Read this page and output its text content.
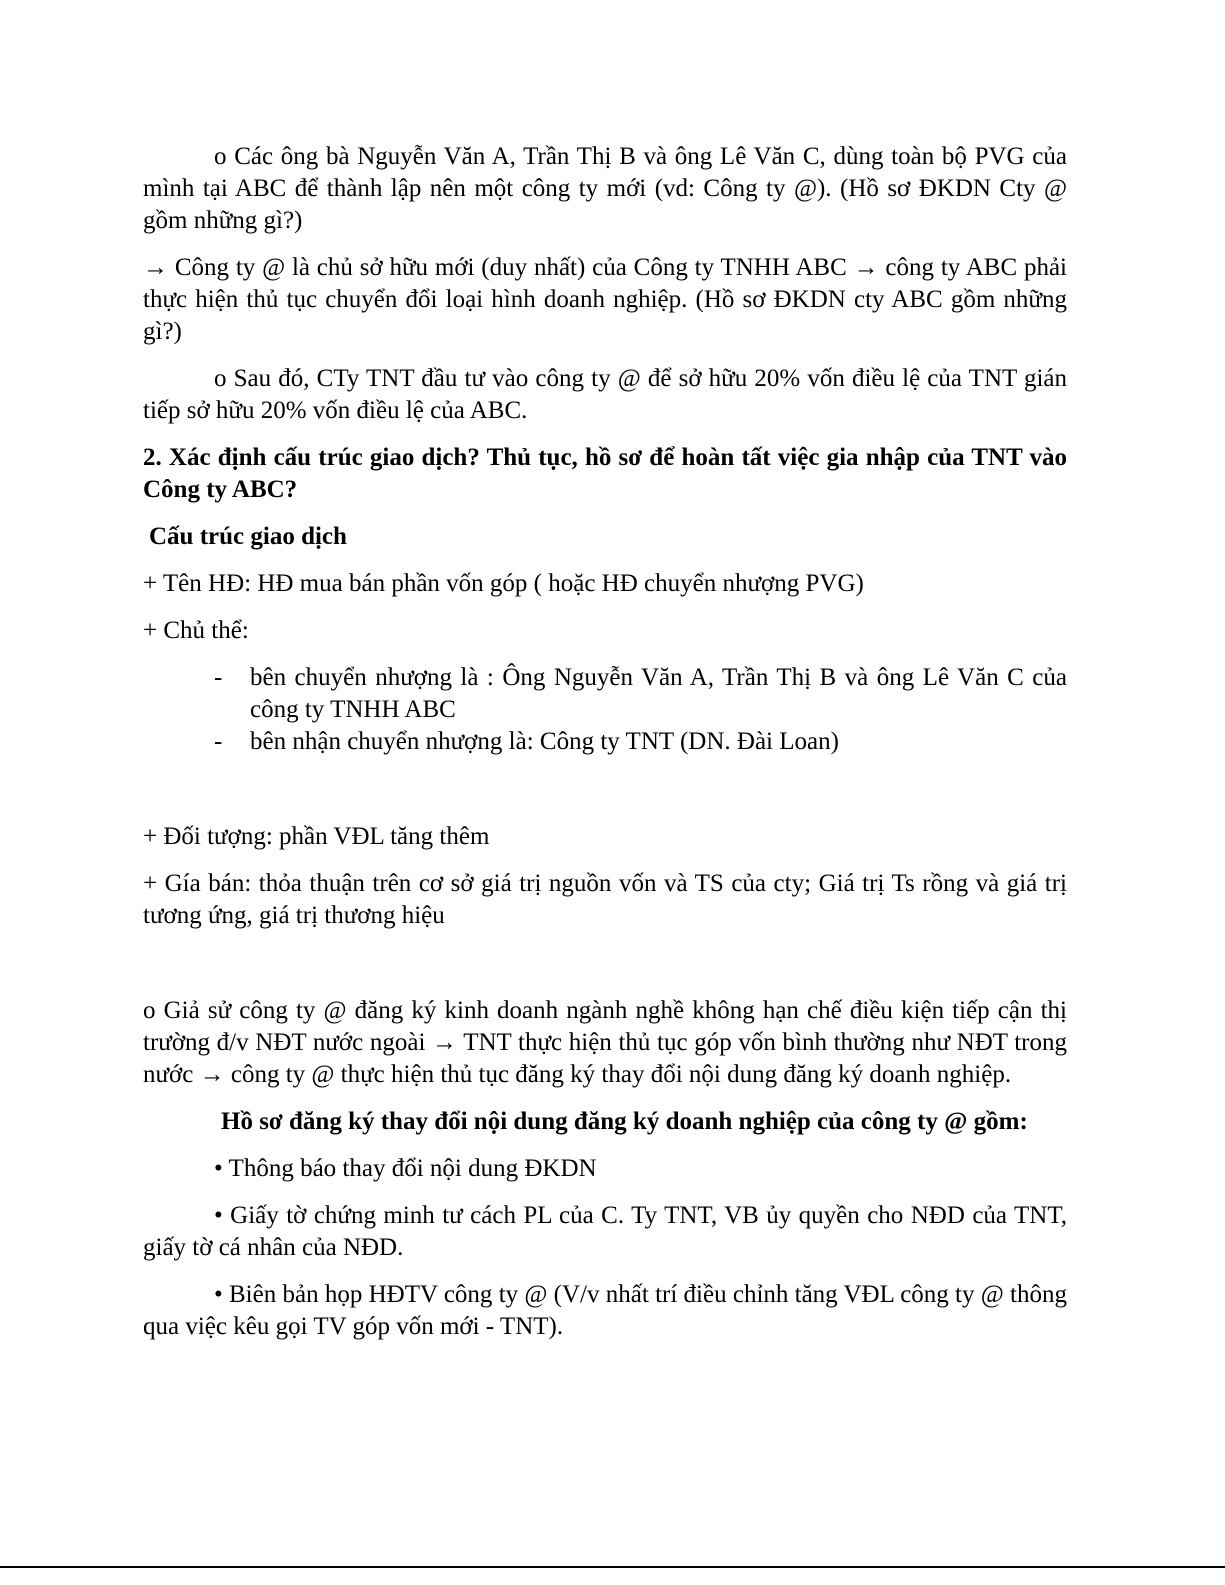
o Các ông bà Nguyễn Văn A, Trần Thị B và ông Lê Văn C, dùng toàn bộ PVG của mình tại ABC để thành lập nên một công ty mới (vd: Công ty @). (Hồ sơ ĐKDN Cty @ gồm những gì?)

→ Công ty @ là chủ sở hữu mới (duy nhất) của Công ty TNHH ABC → công ty ABC phải thực hiện thủ tục chuyển đổi loại hình doanh nghiệp. (Hồ sơ ĐKDN cty ABC gồm những gì?)

o Sau đó, CTy TNT đầu tư vào công ty @ để sở hữu 20% vốn điều lệ của TNT gián tiếp sở hữu 20% vốn điều lệ của ABC.

2. Xác định cấu trúc giao dịch? Thủ tục, hồ sơ để hoàn tất việc gia nhập của TNT vào Công ty ABC?

Cấu trúc giao dịch

+ Tên HĐ: HĐ mua bán phần vốn góp ( hoặc HĐ chuyển nhượng PVG)

+ Chủ thể:

- bên chuyển nhượng là : Ông Nguyễn Văn A, Trần Thị B và ông Lê Văn C của công ty TNHH ABC
- bên nhận chuyển nhượng là: Công ty TNT (DN. Đài Loan)

+ Đối tượng: phần VĐL tăng thêm

+ Gía bán: thỏa thuận trên cơ sở giá trị nguồn vốn và TS của cty; Giá trị Ts rồng và giá trị tương ứng, giá trị thương hiệu

o Giả sử công ty @ đăng ký kinh doanh ngành nghề không hạn chế điều kiện tiếp cận thị trường đ/v NĐT nước ngoài → TNT thực hiện thủ tục góp vốn bình thường như NĐT trong nước → công ty @ thực hiện thủ tục đăng ký thay đổi nội dung đăng ký doanh nghiệp.

Hồ sơ đăng ký thay đổi nội dung đăng ký doanh nghiệp của công ty @ gồm:

• Thông báo thay đổi nội dung ĐKDN

• Giấy tờ chứng minh tư cách PL của C. Ty TNT, VB ủy quyền cho NĐD của TNT, giấy tờ cá nhân của NĐD.

• Biên bản họp HĐTV công ty @ (V/v nhất trí điều chỉnh tăng VĐL công ty @ thông qua việc kêu gọi TV góp vốn mới - TNT).
